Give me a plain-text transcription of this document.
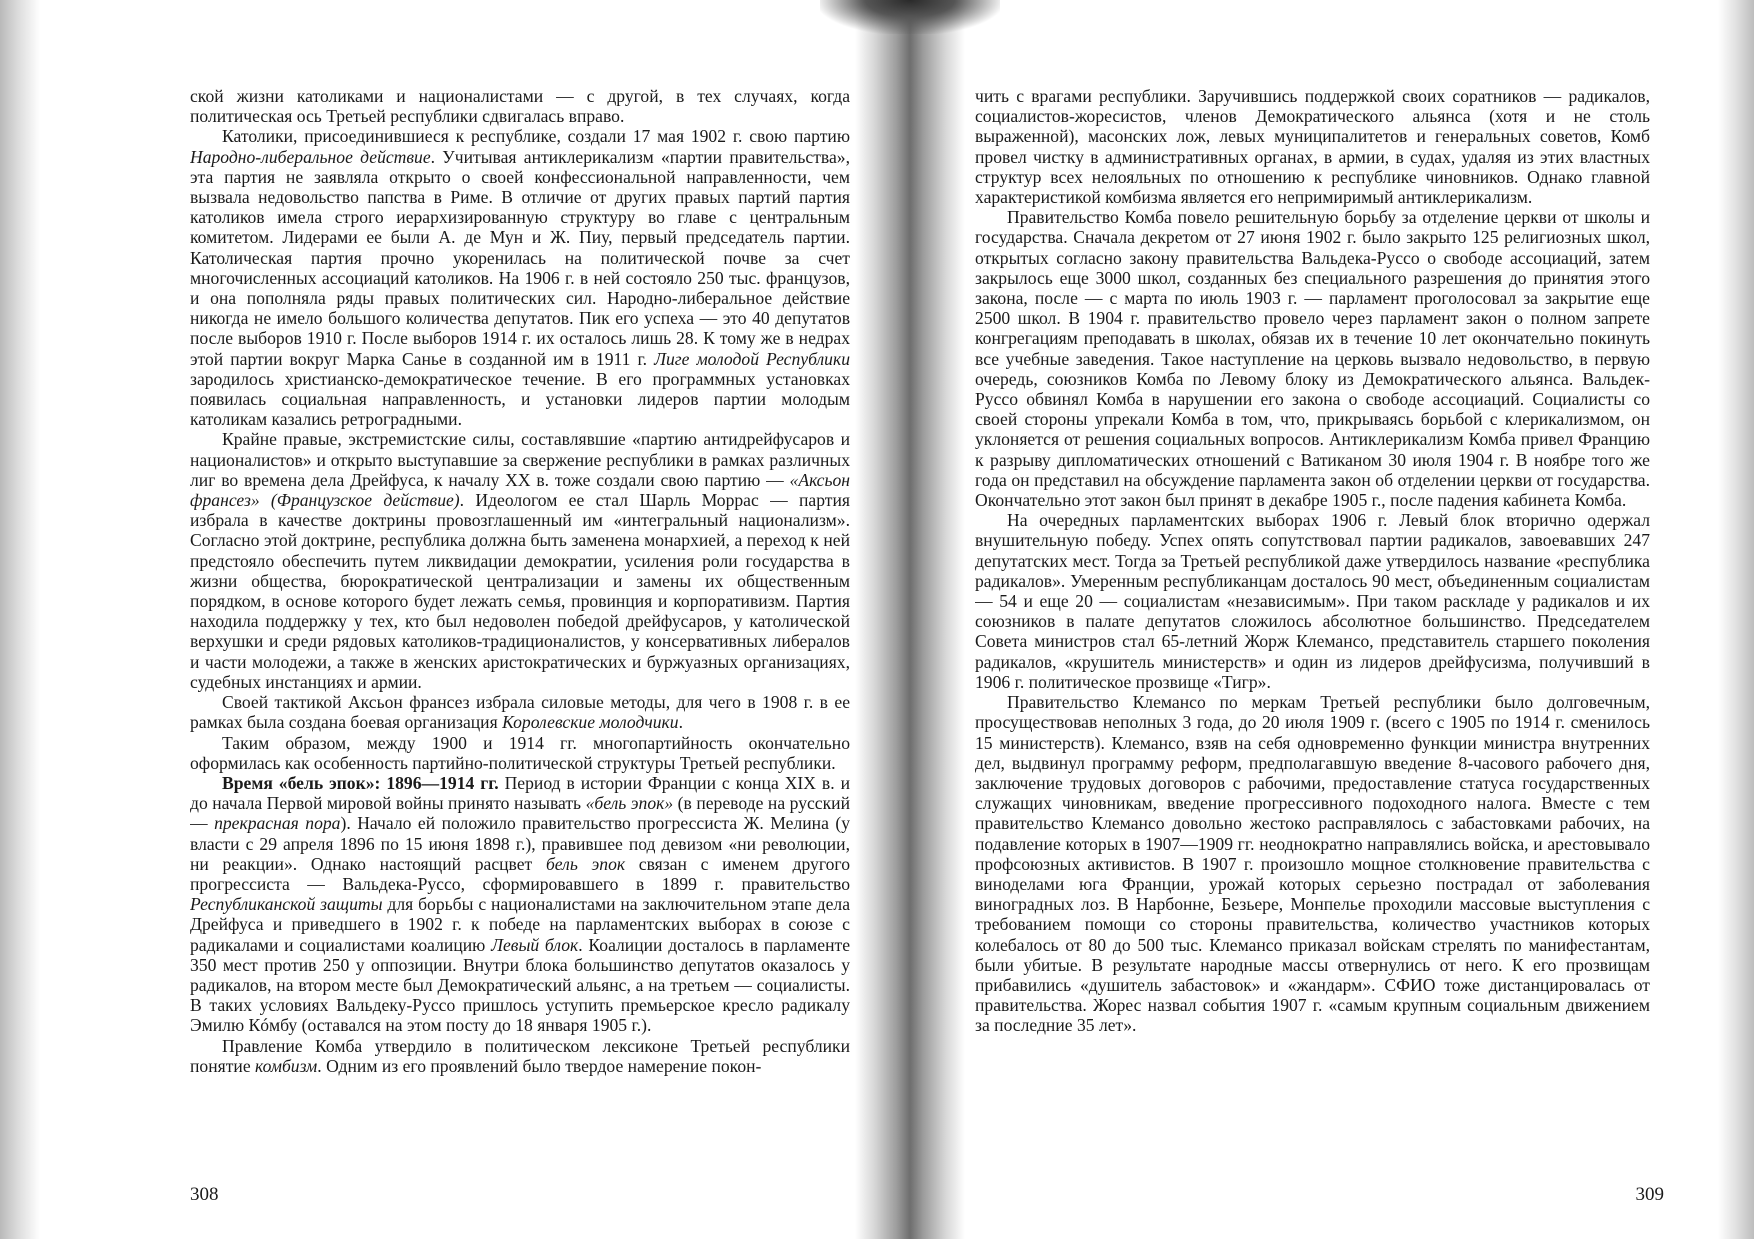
ской жизни католиками и националистами — с другой, в тех случаях, когда политическая ось Третьей республики сдвигалась вправо.

Католики, присоединившиеся к республике, создали 17 мая 1902 г. свою партию Народно-либеральное действие. Учитывая антиклерикализм «партии правительства», эта партия не заявляла открыто о своей конфессиональной направленности, чем вызвала недовольство папства в Риме. В отличие от других правых партий партия католиков имела строго иерархизированную структуру во главе с центральным комитетом. Лидерами ее были А. де Мун и Ж. Пиу, первый председатель партии. Католическая партия прочно укоренилась на политической почве за счет многочисленных ассоциаций католиков. На 1906 г. в ней состояло 250 тыс. французов, и она пополняла ряды правых политических сил. Народно-либеральное действие никогда не имело большого количества депутатов. Пик его успеха — это 40 депутатов после выборов 1910 г. После выборов 1914 г. их осталось лишь 28. К тому же в недрах этой партии вокруг Марка Санье в созданной им в 1911 г. Лиге молодой Республики зародилось христианско-демократическое течение. В его программных установках появилась социальная направленность, и установки лидеров партии молодым католикам казались ретроградными.

Крайне правые, экстремистские силы, составлявшие «партию антидрейфусаров и националистов» и открыто выступавшие за свержение республики в рамках различных лиг во времена дела Дрейфуса, к началу XX в. тоже создали свою партию — «Аксьон франсез» (Французское действие). Идеологом ее стал Шарль Моррас — партия избрала в качестве доктрины провозглашенный им «интегральный национализм». Согласно этой доктрине, республика должна быть заменена монархией, а переход к ней предстояло обеспечить путем ликвидации демократии, усиления роли государства в жизни общества, бюрократической централизации и замены их общественным порядком, в основе которого будет лежать семья, провинция и корпоративизм. Партия находила поддержку у тех, кто был недоволен победой дрейфусаров, у католической верхушки и среди рядовых католиков-традиционалистов, у консервативных либералов и части молодежи, а также в женских аристократических и буржуазных организациях, судебных инстанциях и армии.

Своей тактикой Аксьон франсез избрала силовые методы, для чего в 1908 г. в ее рамках была создана боевая организация Королевские молодчики.

Таким образом, между 1900 и 1914 гг. многопартийность окончательно оформилась как особенность партийно-политической структуры Третьей республики.

Время «бель эпок»: 1896—1914 гг. Период в истории Франции с конца XIX в. и до начала Первой мировой войны принято называть «бель эпок» (в переводе на русский — прекрасная пора). Начало ей положило правительство прогрессиста Ж. Мелина (у власти с 29 апреля 1896 по 15 июня 1898 г.), правившее под девизом «ни революции, ни реакции». Однако настоящий расцвет бель эпок связан с именем другого прогрессиста — Вальдека-Руссо, сформировавшего в 1899 г. правительство Республиканской защиты для борьбы с националистами на заключительном этапе дела Дрейфуса и приведшего в 1902 г. к победе на парламентских выборах в союзе с радикалами и социалистами коалицию Левый блок. Коалиции досталось в парламенте 350 мест против 250 у оппозиции. Внутри блока большинство депутатов оказалось у радикалов, на втором месте был Демократический альянс, а на третьем — социалисты. В таких условиях Вальдеку-Руссо пришлось уступить премьерское кресло радикалу Эмилю Кóмбу (оставался на этом посту до 18 января 1905 г.).

Правление Комба утвердило в политическом лексиконе Третьей республики понятие комбизм. Одним из его проявлений было твердое намерение покон-

308

чить с врагами республики. Заручившись поддержкой своих соратников — радикалов, социалистов-жоресистов, членов Демократического альянса (хотя и не столь выраженной), масонских лож, левых муниципалитетов и генеральных советов, Комб провел чистку в административных органах, в армии, в судах, удаляя из этих властных структур всех нелояльных по отношению к республике чиновников. Однако главной характеристикой комбизма является его непримиримый антиклерикализм.

Правительство Комба повело решительную борьбу за отделение церкви от школы и государства. Сначала декретом от 27 июня 1902 г. было закрыто 125 религиозных школ, открытых согласно закону правительства Вальдека-Руссо о свободе ассоциаций, затем закрылось еще 3000 школ, созданных без специального разрешения до принятия этого закона, после — с марта по июль 1903 г. — парламент проголосовал за закрытие еще 2500 школ. В 1904 г. правительство провело через парламент закон о полном запрете конгрегациям преподавать в школах, обязав их в течение 10 лет окончательно покинуть все учебные заведения. Такое наступление на церковь вызвало недовольство, в первую очередь, союзников Комба по Левому блоку из Демократического альянса. Вальдек-Руссо обвинял Комба в нарушении его закона о свободе ассоциаций. Социалисты со своей стороны упрекали Комба в том, что, прикрываясь борьбой с клерикализмом, он уклоняется от решения социальных вопросов. Антиклерикализм Комба привел Францию к разрыву дипломатических отношений с Ватиканом 30 июля 1904 г. В ноябре того же года он представил на обсуждение парламента закон об отделении церкви от государства. Окончательно этот закон был принят в декабре 1905 г., после падения кабинета Комба.

На очередных парламентских выборах 1906 г. Левый блок вторично одержал внушительную победу. Успех опять сопутствовал партии радикалов, завоевавших 247 депутатских мест. Тогда за Третьей республикой даже утвердилось название «республика радикалов». Умеренным республиканцам досталось 90 мест, объединенным социалистам — 54 и еще 20 — социалистам «независимым». При таком раскладе у радикалов и их союзников в палате депутатов сложилось абсолютное большинство. Председателем Совета министров стал 65-летний Жорж Клемансо, представитель старшего поколения радикалов, «крушитель министерств» и один из лидеров дрейфусизма, получивший в 1906 г. политическое прозвище «Тигр».

Правительство Клемансо по меркам Третьей республики было долговечным, просуществовав неполных 3 года, до 20 июля 1909 г. (всего с 1905 по 1914 г. сменилось 15 министерств). Клемансо, взяв на себя одновременно функции министра внутренних дел, выдвинул программу реформ, предполагавшую введение 8-часового рабочего дня, заключение трудовых договоров с рабочими, предоставление статуса государственных служащих чиновникам, введение прогрессивного подоходного налога. Вместе с тем правительство Клемансо довольно жестоко расправлялось с забастовками рабочих, на подавление которых в 1907—1909 гг. неоднократно направлялись войска, и арестовывало профсоюзных активистов. В 1907 г. произошло мощное столкновение правительства с виноделами юга Франции, урожай которых серьезно пострадал от заболевания виноградных лоз. В Нарбонне, Безьере, Монпелье проходили массовые выступления с требованием помощи со стороны правительства, количество участников которых колебалось от 80 до 500 тыс. Клемансо приказал войскам стрелять по манифестантам, были убитые. В результате народные массы отвернулись от него. К его прозвищам прибавились «душитель забастовок» и «жандарм». СФИО тоже дистанцировалась от правительства. Жорес назвал события 1907 г. «самым крупным социальным движением за последние 35 лет».

309
